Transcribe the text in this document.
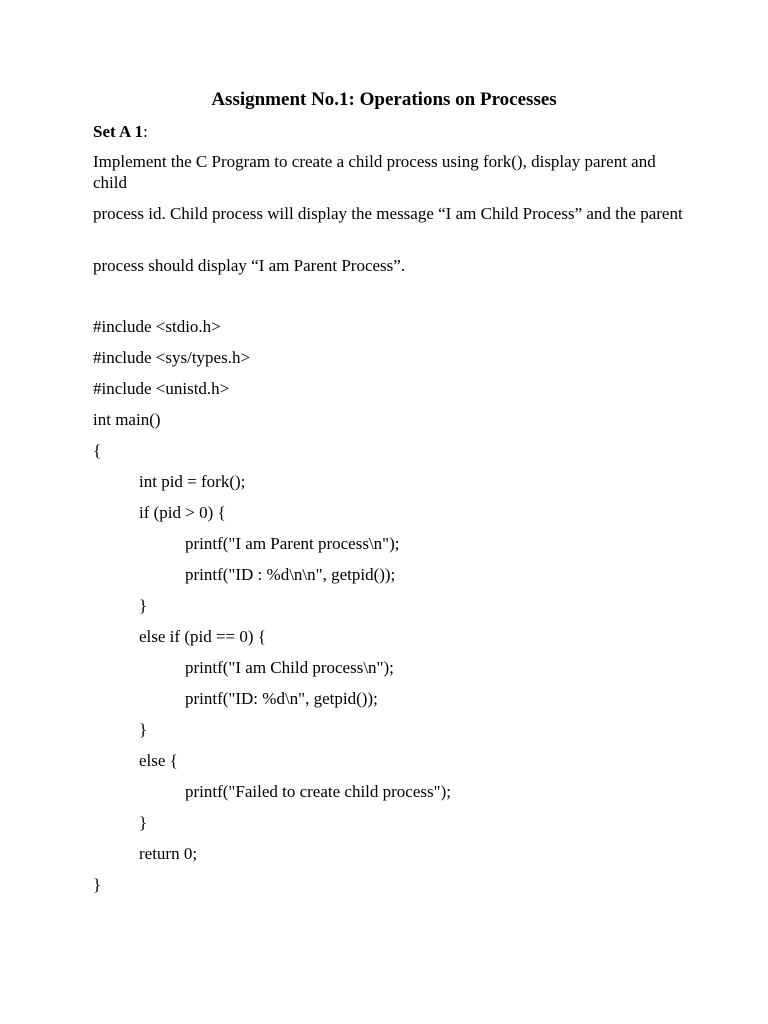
Assignment No.1: Operations on Processes

Set A 1:

Implement the C Program to create a child process using fork(), display parent and child

process id. Child process will display the message “I am Child Process” and the parent

process should display “I am Parent Process”.

#include <stdio.h>

#include <sys/types.h>

#include <unistd.h>

int main()

{

int pid = fork();

if (pid > 0) {

printf("I am Parent process\n");

printf("ID : %d\n\n", getpid());

}

else if (pid == 0) {

printf("I am Child process\n");

printf("ID: %d\n", getpid());

}

else {

printf("Failed to create child process");

}

return 0;

}
